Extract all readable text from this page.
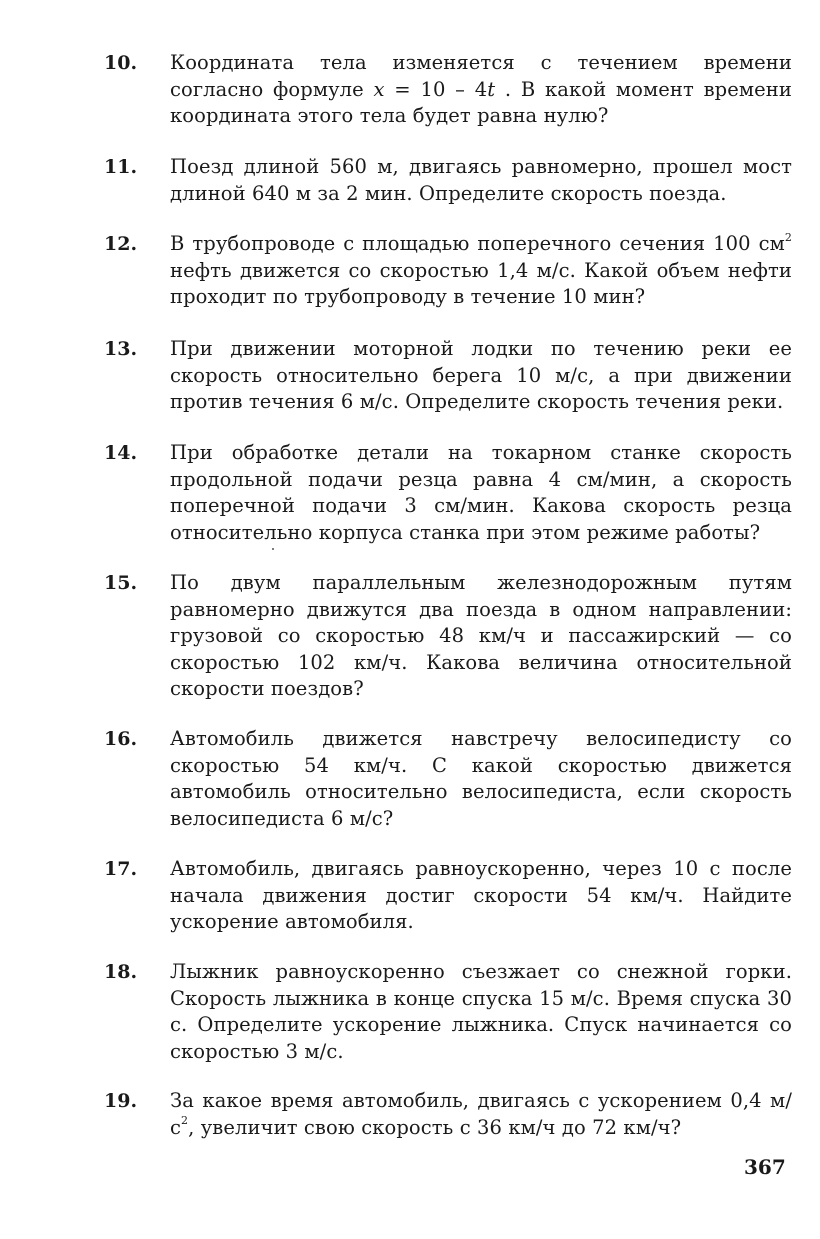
10. Координата тела изменяется с течением времени согласно формуле x = 10 – 4t . В какой момент времени координата этого тела будет равна нулю?
11. Поезд длиной 560 м, двигаясь равномерно, прошел мост длиной 640 м за 2 мин. Определите скорость поезда.
12. В трубопроводе с площадью поперечного сечения 100 $см^2$ нефть движется со скоростью 1,4 м/с. Какой объем нефти проходит по трубопроводу в течение 10 мин?
13. При движении моторной лодки по течению реки ее скорость относительно берега 10 м/с, а при движении против течения 6 м/с. Определите скорость течения реки.
14. При обработке детали на токарном станке скорость продольной подачи резца равна 4 см/мин, а скорость поперечной подачи 3 см/мин. Какова скорость резца относительно корпуса станка при этом режиме работы?
15. По двум параллельным железнодорожным путям равномерно движутся два поезда в одном направлении: грузовой со скоростью 48 км/ч и пассажирский — со скоростью 102 км/ч. Какова величина относительной скорости поездов?
16. Автомобиль движется навстречу велосипедисту со скоростью 54 км/ч. С какой скоростью движется автомобиль относительно велосипедиста, если скорость велосипедиста 6 м/с?
17. Автомобиль, двигаясь равноускоренно, через 10 с после начала движения достиг скорости 54 км/ч. Найдите ускорение автомобиля.
18. Лыжник равноускоренно съезжает со снежной горки. Скорость лыжника в конце спуска 15 м/с. Время спуска 30 с. Определите ускорение лыжника. Спуск начинается со скоростью 3 м/с.
19. За какое время автомобиль, двигаясь с ускорением 0,4 $м/с^2$, увеличит свою скорость с 36 км/ч до 72 км/ч?
367
